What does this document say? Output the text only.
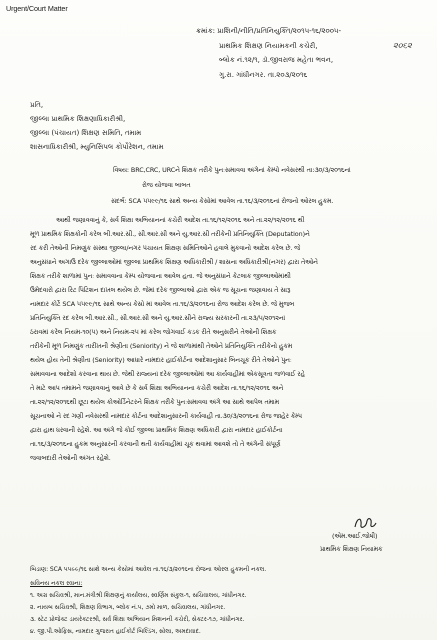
Urgent/Court Matter
ક્રમાંક: પ્રાશિની/નીતિ/પ્રતિનિયુક્તિ/૨૦૧૫-૧૬/૨૦૦૫-
૨૦૬૨
પ્રાથમિક શિક્ષણ નિયામકની કચેરી,
બ્લોક નં.૧૨/૧, ડૉ.જીવરાજ મહેતા ભવન,
ગુ.રા. ગાંધીનગર. તા.૨૦૩/૨૦૧૬
પ્રતિ,
જીલ્લા પ્રાથમિક શિક્ષણાધિકારીશ્રી,
જીલ્લા (પંચાયત) શિક્ષણ સમિતિ, તમામ
શાસનાધિકારીશ્રી, મ્યુનિસિપલ કોર્પોરેશન, તમામ
વિષય: BRC,CRC, URCને શિક્ષક તરીકે પુનઃસમાવવા અંગેનાં કેમ્પો નવેસરથી તા:૩૦/૩/૨૦૧૬નાં
રોજ યોજવા બાબત
સંદર્ભ: SCA ૫૫૯૯/૧૬ સાથે અન્ય કેસોમાં આવેલ તા.૧૬/૩/૨૦૧૬નાં રોજનો ઓરલ હુકમ.
આથી જણાવવાનું કે, સર્વ શિક્ષા અભિયાનનાં કચેરી આદેશ તા.૧૬/૧૨/૨૦૧૬ અને તા.૨૨/૧૨/૨૦૧૬ થી
મૂળ પ્રાથમિક શિક્ષકોની કરેલ બી.આર.સી., સી.આર.સી અને યુ.આર.સી તરીકેની પ્રતિનિયુક્તિ (Deputation)ને
રદ કરી તેઓની નિમણુંક સંસ્થા જીલ્લા/નગર પંચાયત શિક્ષણ સમિતિઓને હવાલે મુકવાનો આદેશ કરેલ છે. જે
અનુસંધાને અગાઉ દરેક જીલ્લાઓમાં જીલ્લા પ્રાથમિક શિક્ષણ અધિકારીશ્રી / શાસના અધિકારીશ્રી(નગર) દ્વારા તેઓને
શિક્ષક તરીકે શાળામાં પુનઃ સમાવવાના કેમ્પ યોજવાના આવેલ હતા. જે અનુસંધાને કેટલાક જીલ્લાઓમાંથી
ઉમેદવારો દ્વારા રિટ પિટિશન દાખલ થયેલ છે. જેમાં દરેક જીલ્લાઓ દ્વારા એક જ સૂચના જણાવાય તે સારૂ
નામદાર કોર્ટે SCA ૫૫૯૯/૧૬ સાથે અન્ય કેસો માં આવેલ તા.૧૬/૩/૨૦૧૬ના રોજ આદેશ કરેલ છે. જે મુજબ
પ્રતિનિયુક્તિ રદ કરેલ બી.આર.સી., સી.આર.સી અને યુ.આર.સીને રાજ્ય સરકારની તા.૨૩/૫/૨૦૧૨નાં
ઠરાવમાં કરેલ નિયમ-૧૦(૫) અને નિયમ-૨૫ માં કરેલ જોગવાઈ કડક રીતે અનુસરીને તેઓની શિક્ષક
તરીકેની મૂળ નિમણુંક તારીખની શ્રેણીતા (Seniority) ને જે શાળામાંથી તેઓને પ્રતિનિયુક્તિ તરીકેનો હુકમ
થયેલ હોય તેની શ્રેણીતા (Seniority) આધારે નામદાર હાઈકોર્ટના આદેશાનુસાર બિનચૂક રીતે તેઓને પુનઃ
સમાવવાના આદેશો કરવાના થાય છે. જેથી રાજ્યનાં દરેક જીલ્લાઓમાં આ કાર્યવાહીમાં એકસૂત્રતા જળવાઈ રહે
તે માટે આપ તમામને જણાવવાનું આવે છે કે સર્વ શિક્ષા અભિયાનના કચેરી આદેશ તા.૧૬/૧૨/૨૦૧૬ અને
તા.૨૨/૧૨/૨૦૧૬થી છૂટા થયેલ કોઓર્ડિનેટરને શિક્ષક તરીકે પુનઃસમાવવા અંગે આ સાથે આપેલ તમામ
સૂચનાઓ ને રદ ગણી નવેસરથી નામદાર કોર્ટના આદેશાનુસારની કાર્યવાહી તા.૩૦/૩/૨૦૧૬ના રોજ જાહેર કેમ્પ
દ્વારા હાથ ધરવાની રહેશે. આ અંગે જે કોઈ જીલ્લા પ્રાથમિક શિક્ષણ અધિકારી દ્વારા નામદાર હાઈકોર્ટના
તા.૧૬/૩/૨૦૧૬ના હુકમ અનુસારની કરવાની થતી કાર્યવાહીમાં ચૂક થવામાં આવશે તો તે અંગેની સંપૂર્ણ
જવાબદારી તેઓની અંગત રહેશે.
(એમ.આઈ.જોષી)
પ્રાથમિક શિક્ષણ નિયામક
બિડાણ: SCA ૫૫૯૯/૧૬ સાથે અન્ય કેસોમાં આવેલ તા.૧૬/૩/૨૦૧૬ના રોજના ઓરલ હુકમની નકલ.
સવિનય નકલ રવાના:
૧. અગ્ર સચિવશ્રી, માન.મંત્રીશ્રી શિક્ષણનું કાર્યાલય, સ્વર્ણિમ સંકુલ-૧, સચિવાલય, ગાંધીનગર.
૨. નાયબ સચિવશ્રી, શિક્ષણ વિભાગ, બ્લોક નં.૫, ૭મો માળ, સચિવાલય, ગાંધીનગર.
૩. સ્ટેટ પ્રોજેક્ટ ડાયરેક્ટરશ્રી, સર્વ શિક્ષા અભિયાન મિશનની કચેરી, સેક્ટર-૧૭, ગાંધીનગર.
૪. જી.પી.ઓફિસ, નામદાર ગુજરાત હાઈકોર્ટ બિલ્ડિંગ, સોલા, અમદાવાદ.
